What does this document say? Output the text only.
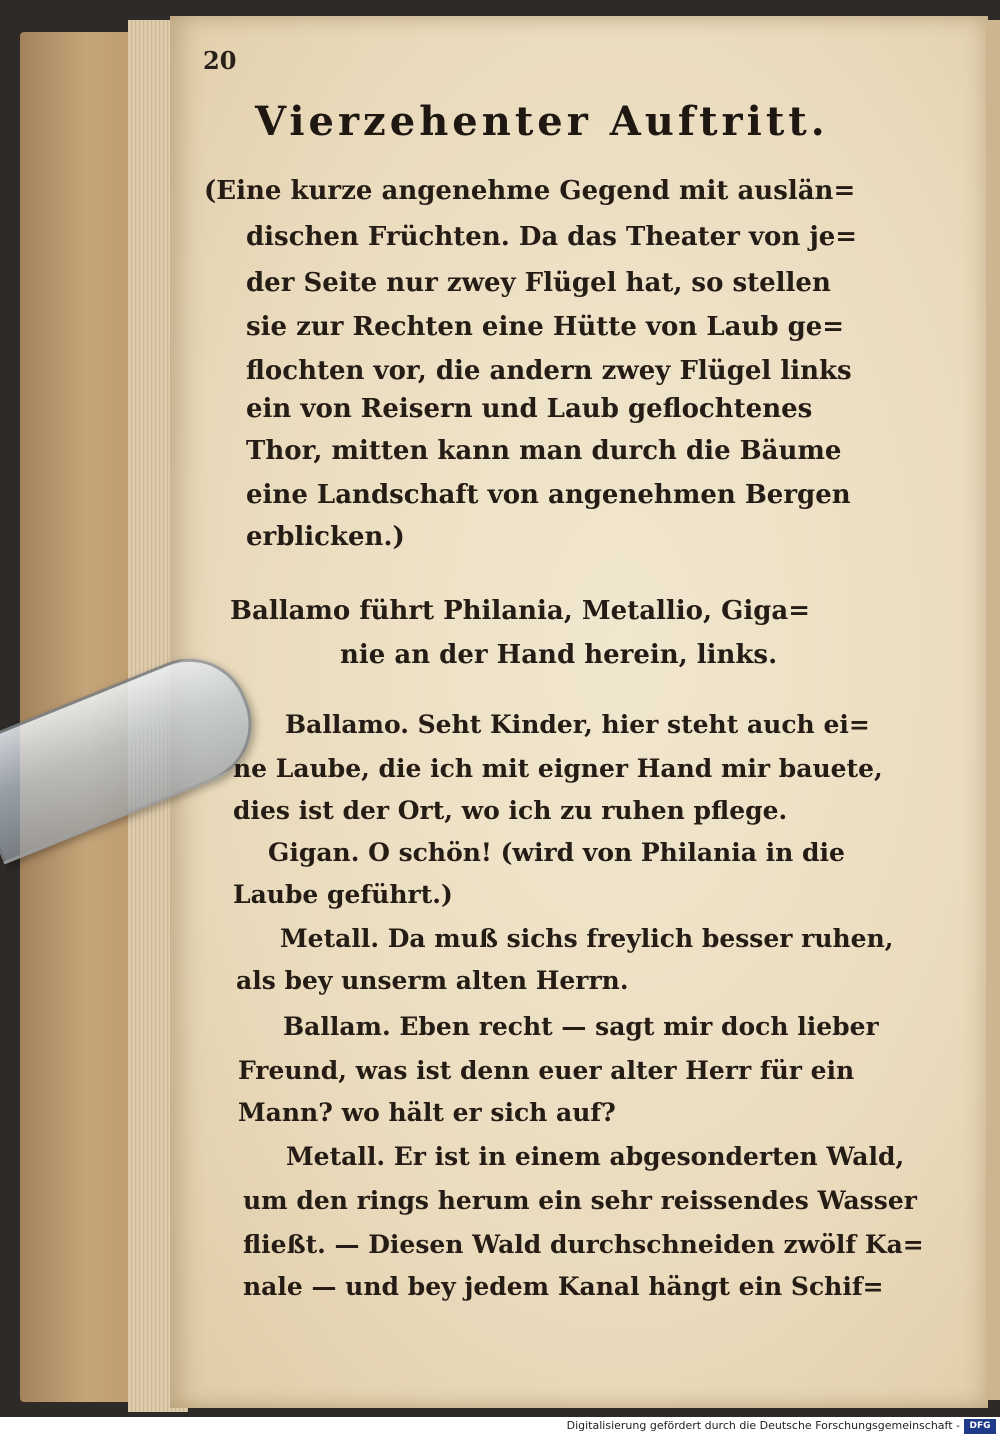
20
Vierzehenter Auftritt.
(Eine kurze angenehme Gegend mit auslän=
dischen Früchten. Da das Theater von je=
der Seite nur zwey Flügel hat, so stellen
sie zur Rechten eine Hütte von Laub ge=
flochten vor, die andern zwey Flügel links
ein von Reisern und Laub geflochtenes
Thor, mitten kann man durch die Bäume
eine Landschaft von angenehmen Bergen
erblicken.)
Ballamo führt Philania, Metallio, Giga=
nie an der Hand herein, links.
Ballamo. Seht Kinder, hier steht auch ei=
ne Laube, die ich mit eigner Hand mir bauete,
dies ist der Ort, wo ich zu ruhen pflege.
Gigan. O schön! (wird von Philania in die
Laube geführt.)
Metall. Da muß sichs freylich besser ruhen,
als bey unserm alten Herrn.
Ballam. Eben recht — sagt mir doch lieber
Freund, was ist denn euer alter Herr für ein
Mann? wo hält er sich auf?
Metall. Er ist in einem abgesonderten Wald,
um den rings herum ein sehr reissendes Wasser
fließt. — Diesen Wald durchschneiden zwölf Ka=
nale — und bey jedem Kanal hängt ein Schif=
Digitalisierung gefördert durch die Deutsche Forschungsgemeinschaft -	DFG
